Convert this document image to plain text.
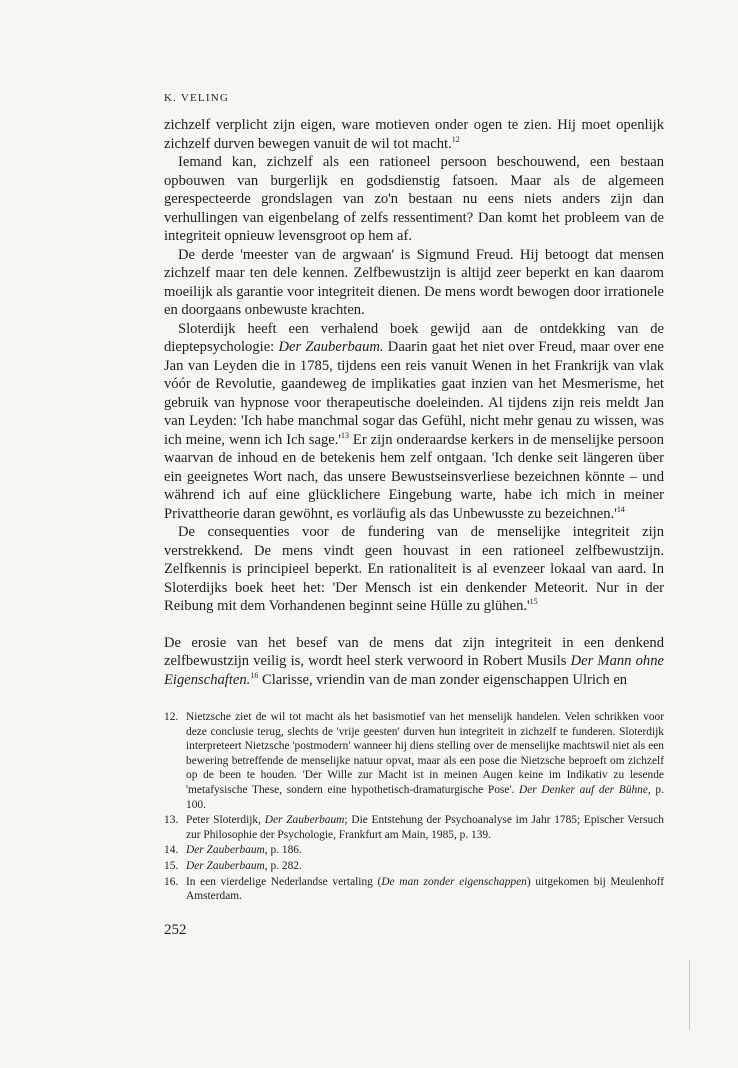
K. VELING

zichzelf verplicht zijn eigen, ware motieven onder ogen te zien. Hij moet openlijk zichzelf durven bewegen vanuit de wil tot macht.$^{12}$

Iemand kan, zichzelf als een rationeel persoon beschouwend, een bestaan opbouwen van burgerlijk en godsdienstig fatsoen. Maar als de algemeen gerespecteerde grondslagen van zo'n bestaan nu eens niets anders zijn dan verhullingen van eigenbelang of zelfs ressentiment? Dan komt het probleem van de integriteit opnieuw levensgroot op hem af.

De derde 'meester van de argwaan' is Sigmund Freud. Hij betoogt dat mensen zichzelf maar ten dele kennen. Zelfbewustzijn is altijd zeer beperkt en kan daarom moeilijk als garantie voor integriteit dienen. De mens wordt bewogen door irrationele en doorgaans onbewuste krachten.

Sloterdijk heeft een verhalend boek gewijd aan de ontdekking van de dieptepsychologie: Der Zauberbaum. Daarin gaat het niet over Freud, maar over ene Jan van Leyden die in 1785, tijdens een reis vanuit Wenen in het Frankrijk van vlak vóór de Revolutie, gaandeweg de implikaties gaat inzien van het Mesmerisme, het gebruik van hypnose voor therapeutische doeleinden. Al tijdens zijn reis meldt Jan van Leyden: 'Ich habe manchmal sogar das Gefühl, nicht mehr genau zu wissen, was ich meine, wenn ich Ich $sage.'^{13}$ Er zijn onderaardse kerkers in de menselijke persoon waarvan de inhoud en de betekenis hem zelf ontgaan. 'Ich denke seit längeren über ein geeignetes Wort nach, das unsere Bewustseinsverliese bezeichnen könnte – und während ich auf eine glücklichere Eingebung warte, habe ich mich in meiner Privattheorie daran gewöhnt, es vorläufig als das Unbewusste zu $bezeichnen.'^{14}$

De consequenties voor de fundering van de menselijke integriteit zijn verstrekkend. De mens vindt geen houvast in een rationeel zelfbewustzijn. Zelfkennis is principieel beperkt. En rationaliteit is al evenzeer lokaal van aard. In Sloterdijks boek heet het: 'Der Mensch ist ein denkender Meteorit. Nur in der Reibung mit dem Vorhandenen beginnt seine Hülle zu $glühen.'^{15}$

De erosie van het besef van de mens dat zijn integriteit in een denkend zelfbewustzijn veilig is, wordt heel sterk verwoord in Robert Musils Der Mann ohne Eigenschaften.$^{16}$ Clarisse, vriendin van de man zonder eigenschappen Ulrich en

12. Nietzsche ziet de wil tot macht als het basismotief van het menselijk handelen. Velen schrikken voor deze conclusie terug, slechts de 'vrije geesten' durven hun integriteit in zichzelf te funderen. Sloterdijk interpreteert Nietzsche 'postmodern' wanneer hij diens stelling over de menselijke machtswil niet als een bewering betreffende de menselijke natuur opvat, maar als een pose die Nietzsche beproeft om zichzelf op de been te houden. 'Der Wille zur Macht ist in meinen Augen keine im Indikativ zu lesende 'metafysische These, sondern eine hypothetisch-dramaturgische Pose'. Der Denker auf der Bühne, p. 100.
13. Peter Sloterdijk, Der Zauberbaum; Die Entstehung der Psychoanalyse im Jahr 1785; Epischer Versuch zur Philosophie der Psychologie, Frankfurt am Main, 1985, p. 139.
14. Der Zauberbaum, p. 186.
15. Der Zauberbaum, p. 282.
16. In een vierdelige Nederlandse vertaling (De man zonder eigenschappen) uitgekomen bij Meulenhoff Amsterdam.
252
